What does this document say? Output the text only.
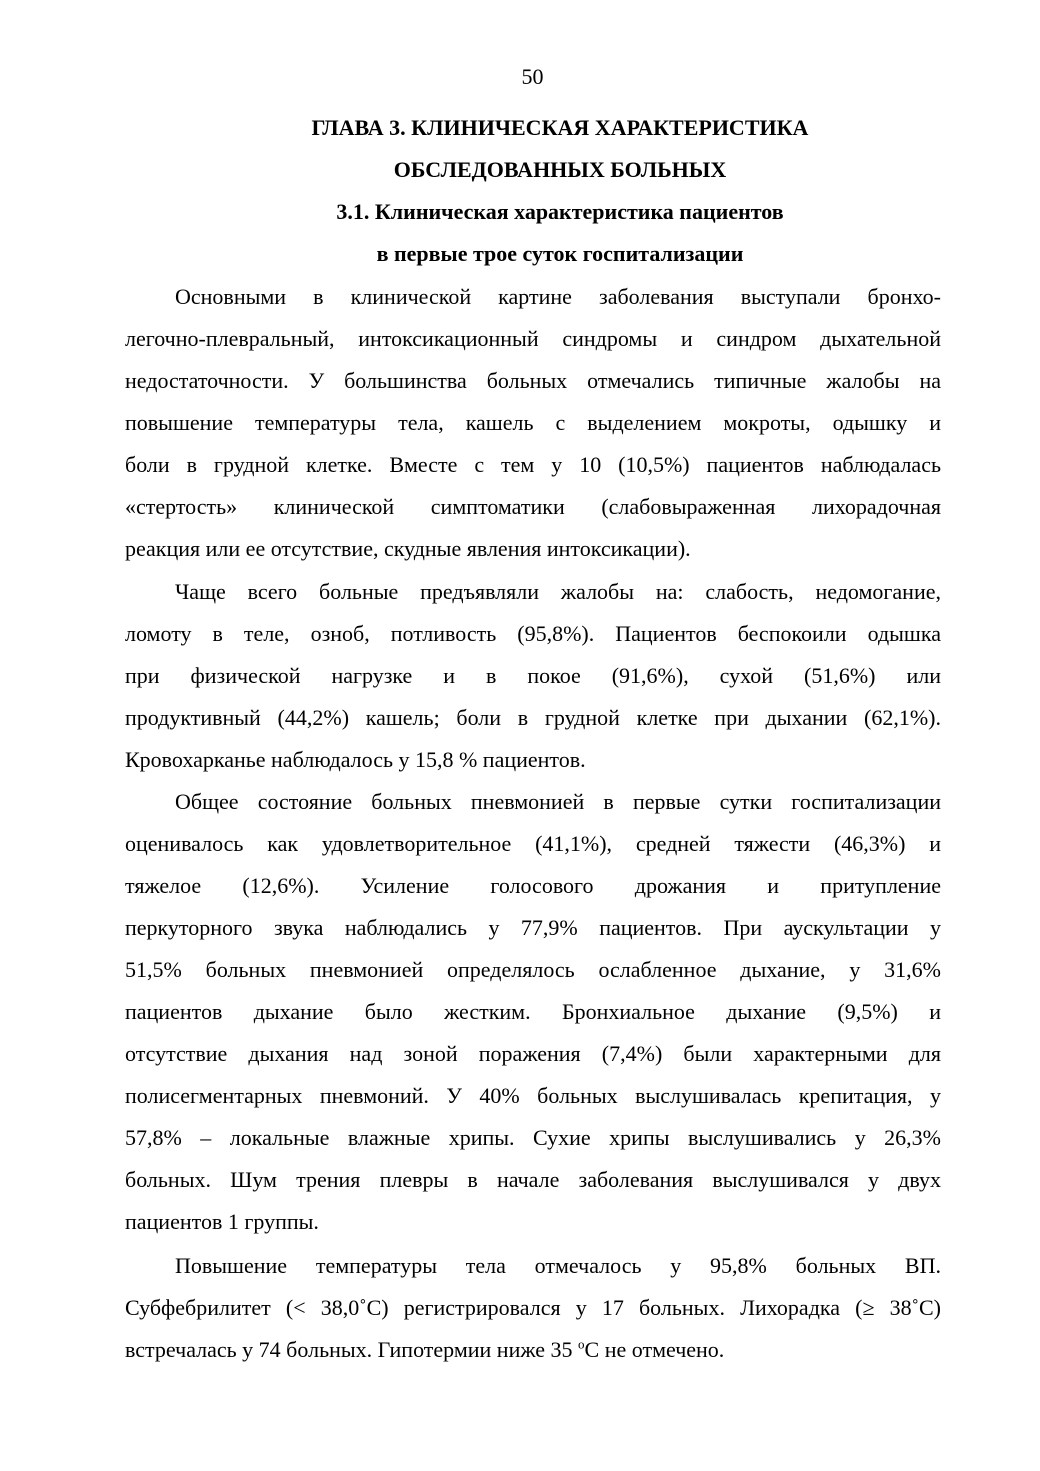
50
ГЛАВА 3. КЛИНИЧЕСКАЯ ХАРАКТЕРИСТИКА
ОБСЛЕДОВАННЫХ БОЛЬНЫХ
3.1. Клиническая характеристика пациентов
в первые трое суток госпитализации
Основными в клинической картине заболевания выступали бронхо-
легочно-плевральный, интоксикационный синдромы и синдром дыхательной
недостаточности. У большинства больных отмечались типичные жалобы на
повышение температуры тела, кашель с выделением мокроты, одышку и
боли в грудной клетке. Вместе с тем у 10 (10,5%) пациентов наблюдалась
«стертость» клинической симптоматики (слабовыраженная лихорадочная
реакция или ее отсутствие, скудные явления интоксикации).
Чаще всего больные предъявляли жалобы на: слабость, недомогание,
ломоту в теле, озноб, потливость (95,8%). Пациентов беспокоили одышка
при физической нагрузке и в покое (91,6%), сухой (51,6%) или
продуктивный (44,2%) кашель; боли в грудной клетке при дыхании (62,1%).
Кровохарканье наблюдалось у 15,8 % пациентов.
Общее состояние больных пневмонией в первые сутки госпитализации
оценивалось как удовлетворительное (41,1%), средней тяжести (46,3%) и
тяжелое (12,6%). Усиление голосового дрожания и притупление
перкуторного звука наблюдались у 77,9% пациентов. При аускультации у
51,5% больных пневмонией определялось ослабленное дыхание, у 31,6%
пациентов дыхание было жестким. Бронхиальное дыхание (9,5%) и
отсутствие дыхания над зоной поражения (7,4%) были характерными для
полисегментарных пневмоний. У 40% больных выслушивалась крепитация, у
57,8% – локальные влажные хрипы. Сухие хрипы выслушивались у 26,3%
больных. Шум трения плевры в начале заболевания выслушивался у двух
пациентов 1 группы.
Повышение температуры тела отмечалось у 95,8% больных ВП.
Субфебрилитет (< 38,0˚С) регистрировался у 17 больных. Лихорадка (≥ 38˚С)
встречалась у 74 больных. Гипотермии ниже 35 $^о$С не отмечено.
